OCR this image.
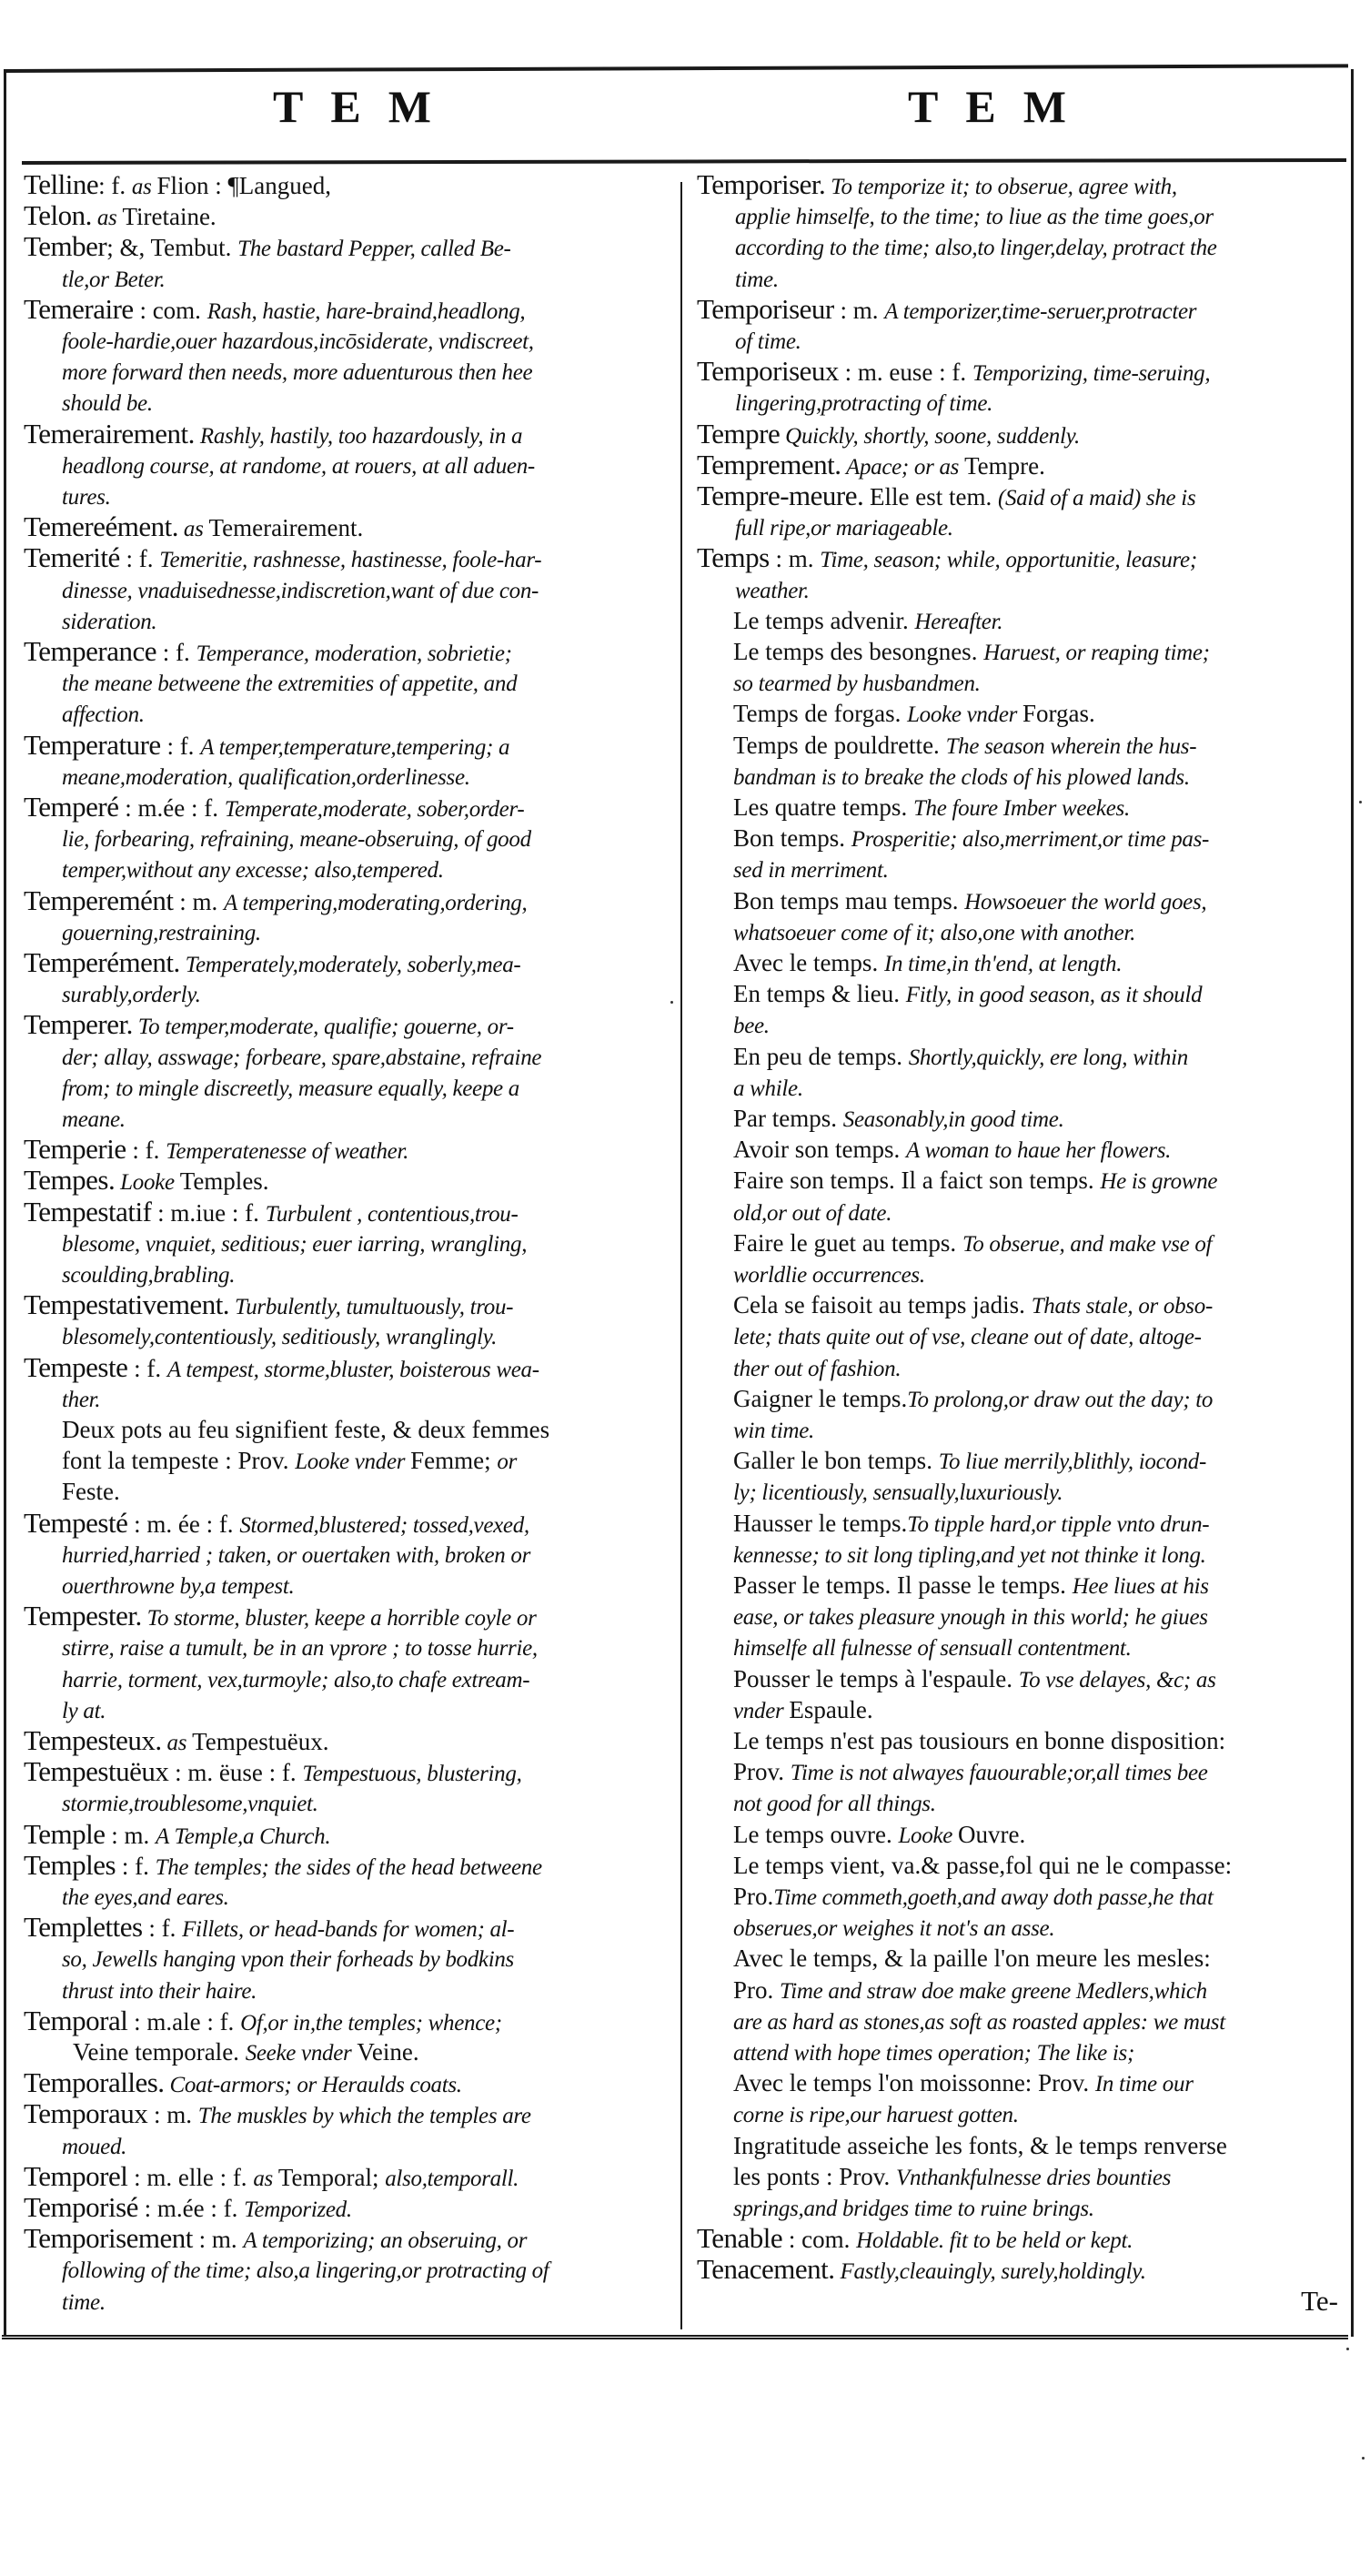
TEM	TEM
Telline: f. as Flion : ¶Langued,
Telon. as Tiretaine.
Tember; &, Tembut. The bastard Pepper, called Be-
tle,or Beter.
Temeraire : com. Rash, hastie, hare-braind,headlong,
foole-hardie,ouer hazardous,incōsiderate, vndiscreet,
more forward then needs, more aduenturous then hee
should be.
Temerairement. Rashly, hastily, too hazardously, in a
headlong course, at randome, at rouers, at all aduen-
tures.
Temereément. as Temerairement.
Temerité : f. Temeritie, rashnesse, hastinesse, foole-har-
dinesse, vnaduisednesse,indiscretion,want of due con-
sideration.
Temperance : f. Temperance, moderation, sobrietie;
the meane betweene the extremities of appetite, and
affection.
Temperature : f. A temper,temperature,tempering; a
meane,moderation, qualification,orderlinesse.
Temperé : m.ée : f. Temperate,moderate, sober,order-
lie, forbearing, refraining, meane-obseruing, of good
temper,without any excesse; also,tempered.
Temperemént : m. A tempering,moderating,ordering,
gouerning,restraining.
Temperément. Temperately,moderately, soberly,mea-
surably,orderly.
Temperer. To temper,moderate, qualifie; gouerne, or-
der; allay, asswage; forbeare, spare,abstaine, refraine
from; to mingle discreetly, measure equally, keepe a
meane.
Temperie : f. Temperatenesse of weather.
Tempes. Looke Temples.
Tempestatif : m.iue : f. Turbulent , contentious,trou-
blesome, vnquiet, seditious; euer iarring, wrangling,
scoulding,brabling.
Tempestativement. Turbulently, tumultuously, trou-
blesomely,contentiously, seditiously, wranglingly.
Tempeste : f. A tempest, storme,bluster, boisterous wea-
ther.
Deux pots au feu signifient feste, & deux femmes
font la tempeste : Prov. Looke vnder Femme; or
Feste.
Tempesté : m. ée : f. Stormed,blustered; tossed,vexed,
hurried,harried ; taken, or ouertaken with, broken or
ouerthrowne by,a tempest.
Tempester. To storme, bluster, keepe a horrible coyle or
stirre, raise a tumult, be in an vprore ; to tosse hurrie,
harrie, torment, vex,turmoyle; also,to chafe extream-
ly at.
Tempesteux. as Tempestuëux.
Tempestuëux : m. ëuse : f. Tempestuous, blustering,
stormie,troublesome,vnquiet.
Temple : m. A Temple,a Church.
Temples : f. The temples; the sides of the head betweene
the eyes,and eares.
Templettes : f. Fillets, or head-bands for women; al-
so, Jewells hanging vpon their forheads by bodkins
thrust into their haire.
Temporal : m.ale : f. Of,or in,the temples; whence;
Veine temporale. Seeke vnder Veine.
Temporalles. Coat-armors; or Heraulds coats.
Temporaux : m. The muskles by which the temples are
moued.
Temporel : m. elle : f. as Temporal; also,temporall.
Temporisé : m.ée : f. Temporized.
Temporisement : m. A temporizing; an obseruing, or
following of the time; also,a lingering,or protracting of
time.	Te-
Temporiser. To temporize it; to obserue, agree with,
applie himselfe, to the time; to liue as the time goes,or
according to the time; also,to linger,delay, protract the
time.
Temporiseur : m. A temporizer,time-seruer,protracter
of time.
Temporiseux : m. euse : f. Temporizing, time-seruing,
lingering,protracting of time.
Tempre Quickly, shortly, soone, suddenly.
Temprement. Apace; or as Tempre.
Tempre-meure. Elle est tem. (Said of a maid) she is
full ripe,or mariageable.
Temps : m. Time, season; while, opportunitie, leasure;
weather.
Le temps advenir. Hereafter.
Le temps des besongnes. Haruest, or reaping time;
so tearmed by husbandmen.
Temps de forgas. Looke vnder Forgas.
Temps de pouldrette. The season wherein the hus-
bandman is to breake the clods of his plowed lands.
Les quatre temps. The foure Imber weekes.
Bon temps. Prosperitie; also,merriment,or time pas-
sed in merriment.
Bon temps mau temps. Howsoeuer the world goes,
whatsoeuer come of it; also,one with another.
Avec le temps. In time,in th'end, at length.
En temps & lieu. Fitly, in good season, as it should
bee.
En peu de temps. Shortly,quickly, ere long, within
a while.
Par temps. Seasonably,in good time.
Avoir son temps. A woman to haue her flowers.
Faire son temps. Il a faict son temps. He is growne
old,or out of date.
Faire le guet au temps. To obserue, and make vse of
worldlie occurrences.
Cela se faisoit au temps jadis. Thats stale, or obso-
lete; thats quite out of vse, cleane out of date, altoge-
ther out of fashion.
Gaigner le temps.To prolong,or draw out the day; to
win time.
Galler le bon temps. To liue merrily,blithly, iocond-
ly; licentiously, sensually,luxuriously.
Hausser le temps.To tipple hard,or tipple vnto drun-
kennesse; to sit long tipling,and yet not thinke it long.
Passer le temps. Il passe le temps. Hee liues at his
ease, or takes pleasure ynough in this world; he giues
himselfe all fulnesse of sensuall contentment.
Pousser le temps à l'espaule. To vse delayes, &c; as
vnder Espaule.
Le temps n'est pas tousiours en bonne disposition:
Prov. Time is not alwayes fauourable;or,all times bee
not good for all things.
Le temps ouvre. Looke Ouvre.
Le temps vient, va.& passe,fol qui ne le compasse:
Pro.Time commeth,goeth,and away doth passe,he that
obserues,or weighes it not's an asse.
Avec le temps, & la paille l'on meure les mesles:
Pro. Time and straw doe make greene Medlers,which
are as hard as stones,as soft as roasted apples: we must
attend with hope times operation; The like is;
Avec le temps l'on moissonne: Prov. In time our
corne is ripe,our haruest gotten.
Ingratitude asseiche les fonts, & le temps renverse
les ponts : Prov. Vnthankfulnesse dries bounties
springs,and bridges time to ruine brings.
Tenable : com. Holdable. fit to be held or kept.
Tenacement. Fastly,cleauingly, surely,holdingly.
